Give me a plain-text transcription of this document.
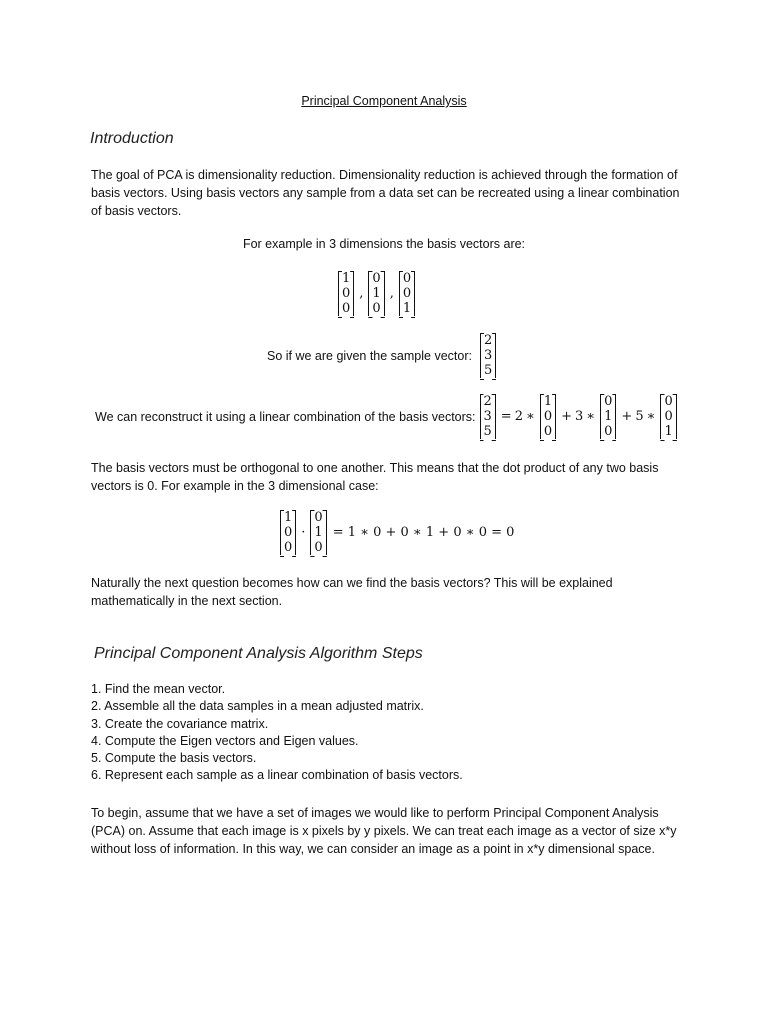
Principal Component Analysis
Introduction

The goal of PCA is dimensionality reduction. Dimensionality reduction is achieved through the formation of basis vectors. Using basis vectors any sample from a data set can be recreated using a linear combination of basis vectors.

For example in 3 dimensions the basis vectors are:
1
0
0
,
0
1
0
,
0
0
1
So if we are given the sample vector:
2
3
5
We can reconstruct it using a linear combination of the basis vectors:
2
3
5
= 2 ∗
1
0
0
+ 3 ∗
0
1
0
+ 5 ∗
0
0
1

The basis vectors must be orthogonal to one another. This means that the dot product of any two basis vectors is 0. For example in the 3 dimensional case:

1
0
0
·
0
1
0
= 1 ∗ 0 + 0 ∗ 1 + 0 ∗ 0 = 0

Naturally the next question becomes how can we find the basis vectors? This will be explained mathematically in the next section.

Principal Component Analysis Algorithm Steps
1. Find the mean vector.
2. Assemble all the data samples in a mean adjusted matrix.
3. Create the covariance matrix.
4. Compute the Eigen vectors and Eigen values.
5. Compute the basis vectors.
6. Represent each sample as a linear combination of basis vectors.

To begin, assume that we have a set of images we would like to perform Principal Component Analysis (PCA) on. Assume that each image is x pixels by y pixels. We can treat each image as a vector of size x*y without loss of information. In this way, we can consider an image as a point in x*y dimensional space.
